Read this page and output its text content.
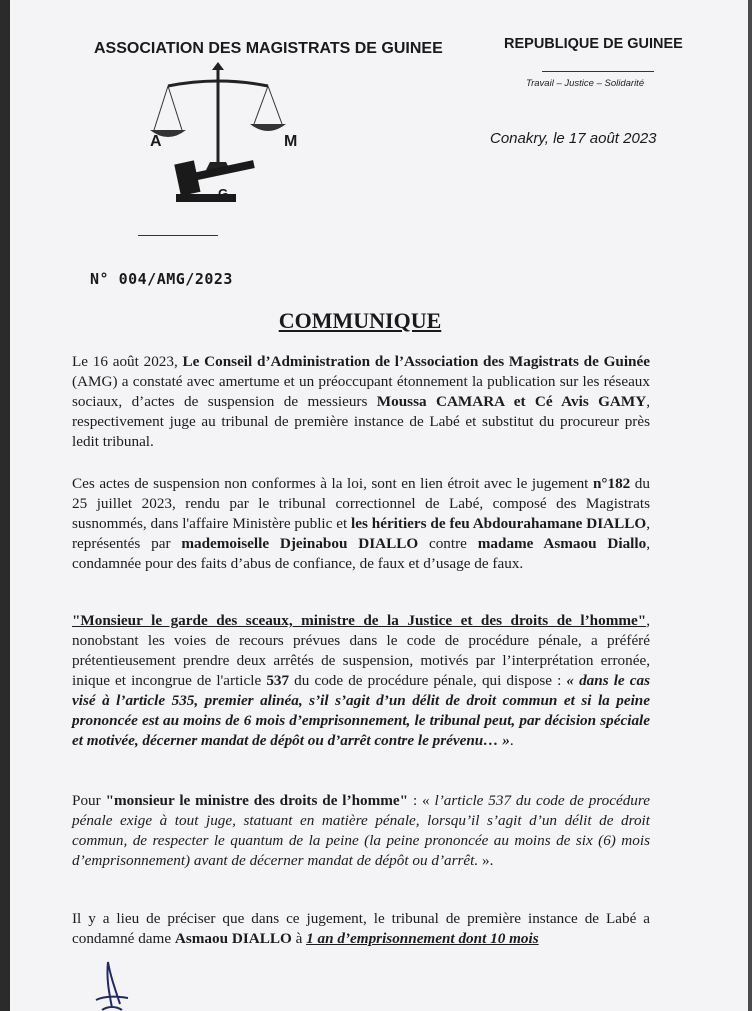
ASSOCIATION DES MAGISTRATS DE GUINEE	REPUBLIQUE DE GUINEE
Travail – Justice – Solidarité
Conakry, le 17 août 2023
A	M
G
N° 004/AMG/2023
COMMUNIQUE
Le 16 août 2023, Le Conseil d’Administration de l’Association des Magistrats de Guinée (AMG) a constaté avec amertume et un préoccupant étonnement la publication sur les réseaux sociaux, d’actes de suspension de messieurs Moussa CAMARA et Cé Avis GAMY, respectivement juge au tribunal de première instance de Labé et substitut du procureur près ledit tribunal.
Ces actes de suspension non conformes à la loi, sont en lien étroit avec le jugement n°182 du 25 juillet 2023, rendu par le tribunal correctionnel de Labé, composé des Magistrats susnommés, dans l'affaire Ministère public et les héritiers de feu Abdourahamane DIALLO, représentés par mademoiselle Djeinabou DIALLO contre madame Asmaou Diallo, condamnée pour des faits d’abus de confiance, de faux et d’usage de faux.
"Monsieur le garde des sceaux, ministre de la Justice et des droits de l’homme", nonobstant les voies de recours prévues dans le code de procédure pénale, a préféré prétentieusement prendre deux arrêtés de suspension, motivés par l’interprétation erronée, inique et incongrue de l'article 537 du code de procédure pénale, qui dispose : « dans le cas visé à l’article 535, premier alinéa, s’il s’agit d’un délit de droit commun et si la peine prononcée est au moins de 6 mois d’emprisonnement, le tribunal peut, par décision spéciale et motivée, décerner mandat de dépôt ou d’arrêt contre le prévenu… ».
Pour "monsieur le ministre des droits de l’homme" : « l’article 537 du code de procédure pénale exige à tout juge, statuant en matière pénale, lorsqu’il s’agit d’un délit de droit commun, de respecter le quantum de la peine (la peine prononcée au moins de six (6) mois d’emprisonnement) avant de décerner mandat de dépôt ou d’arrêt. ».
Il y a lieu de préciser que dans ce jugement, le tribunal de première instance de Labé a condamné dame Asmaou DIALLO à 1 an d’emprisonnement dont 10 mois
